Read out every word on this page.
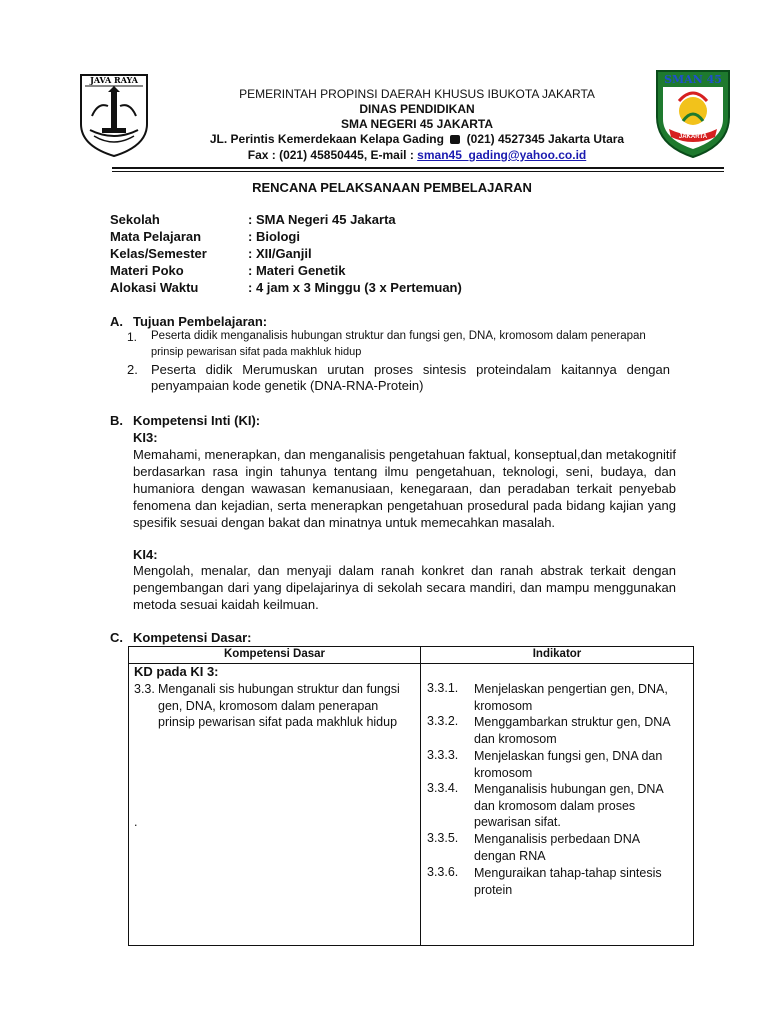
JAVA RAYA	SMAN 45
JAKARTA
PEMERINTAH PROPINSI DAERAH KHUSUS IBUKOTA JAKARTA
DINAS PENDIDIKAN
SMA NEGERI 45 JAKARTA
JL. Perintis Kemerdekaan Kelapa Gading (021) 4527345 Jakarta Utara
Fax : (021) 45850445, E-mail : sman45_gading@yahoo.co.id
RENCANA PELAKSANAAN PEMBELAJARAN
Sekolah	: SMA Negeri 45 Jakarta
Mata Pelajaran	: Biologi
Kelas/Semester	: XII/Ganjil
Materi Poko	: Materi Genetik
Alokasi Waktu	: 4 jam x 3 Minggu (3 x Pertemuan)
A. Tujuan Pembelajaran:
1. Peserta didik menganalisis hubungan struktur dan fungsi gen, DNA, kromosom dalam penerapan
prinsip pewarisan sifat pada makhluk hidup
2. Peserta didik Merumuskan urutan proses sintesis proteindalam kaitannya dengan
penyampaian kode genetik (DNA-RNA-Protein)
B. Kompetensi Inti (KI):
KI3:
Memahami, menerapkan, dan menganalisis pengetahuan faktual, konseptual,dan metakognitif berdasarkan rasa ingin tahunya tentang ilmu pengetahuan, teknologi, seni, budaya, dan humaniora dengan wawasan kemanusiaan, kenegaraan, dan peradaban terkait penyebab fenomena dan kejadian, serta menerapkan pengetahuan prosedural pada bidang kajian yang spesifik sesuai dengan bakat dan minatnya untuk memecahkan masalah.
KI4:
Mengolah, menalar, dan menyaji dalam ranah konkret dan ranah abstrak terkait dengan pengembangan dari yang dipelajarinya di sekolah secara mandiri, dan mampu menggunakan metoda sesuai kaidah keilmuan.
C. Kompetensi Dasar:
Kompetensi Dasar	Indikator
KD pada KI 3:
3.3. Menganali sis hubungan struktur dan fungsi
gen, DNA, kromosom dalam penerapan
prinsip pewarisan sifat pada makhluk hidup
.
3.3.1. Menjelaskan pengertian gen, DNA, kromosom
3.3.2. Menggambarkan struktur gen, DNA dan kromosom
3.3.3. Menjelaskan fungsi gen, DNA dan kromosom
3.3.4. Menganalisis hubungan gen, DNA dan kromosom dalam proses pewarisan sifat.
3.3.5. Menganalisis perbedaan DNA dengan RNA
3.3.6. Menguraikan tahap-tahap sintesis protein
